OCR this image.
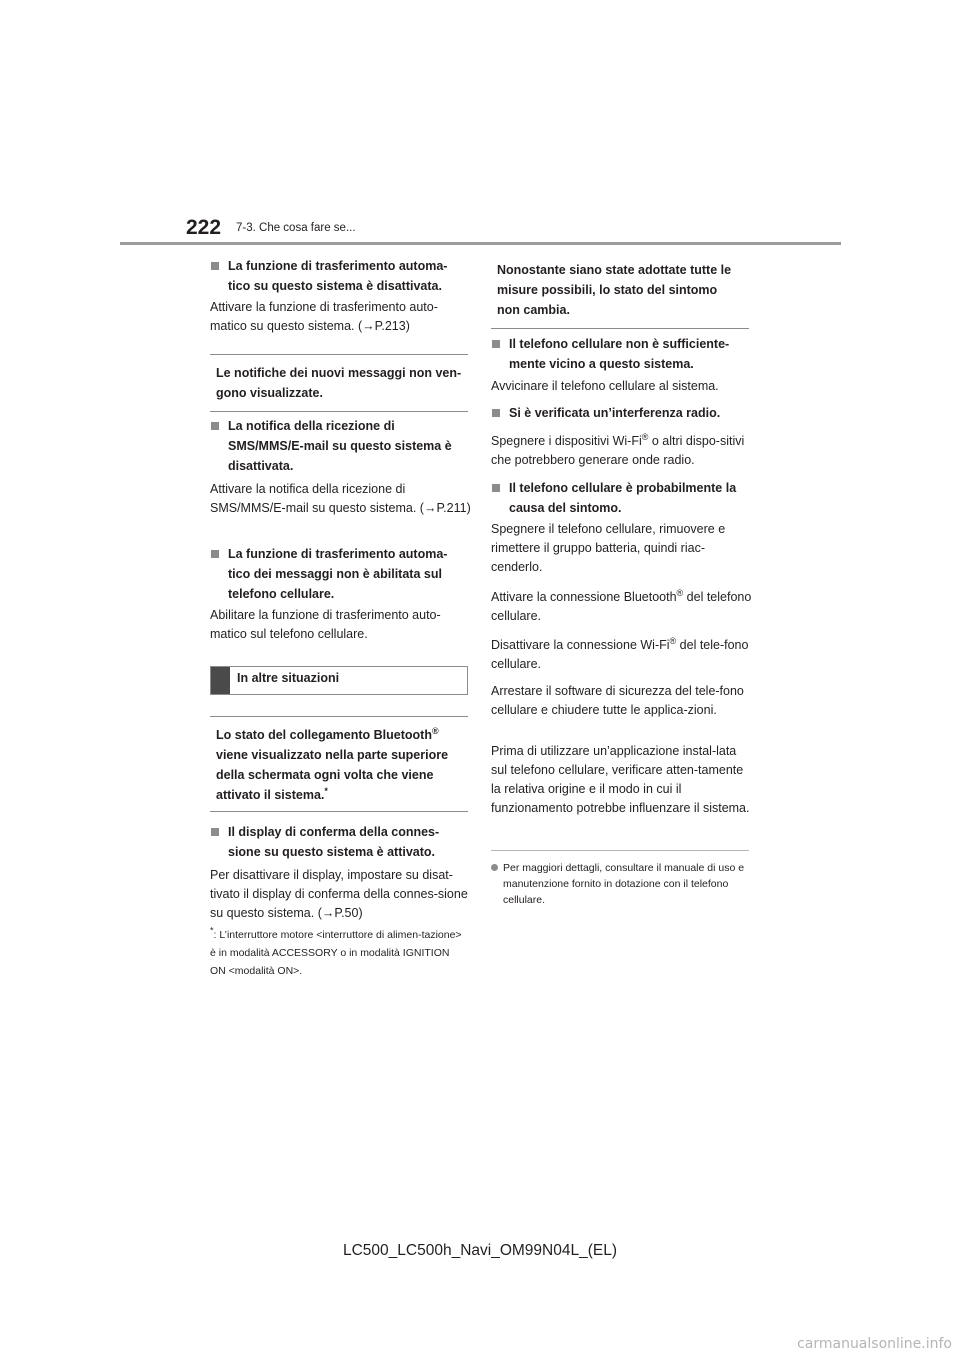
222 7-3. Che cosa fare se...
La funzione di trasferimento automa-tico su questo sistema è disattivata.
Attivare la funzione di trasferimento auto-matico su questo sistema. (→P.213)
Le notifiche dei nuovi messaggi non ven-gono visualizzate.
La notifica della ricezione di SMS/MMS/E-mail su questo sistema è disattivata.
Attivare la notifica della ricezione di SMS/MMS/E-mail su questo sistema. (→P.211)
La funzione di trasferimento automa-tico dei messaggi non è abilitata sul telefono cellulare.
Abilitare la funzione di trasferimento auto-matico sul telefono cellulare.
In altre situazioni
Lo stato del collegamento Bluetooth® viene visualizzato nella parte superiore della schermata ogni volta che viene attivato il sistema.*
Il display di conferma della connes-sione su questo sistema è attivato.
Per disattivare il display, impostare su disat-tivato il display di conferma della connes-sione su questo sistema. (→P.50)
*: L’interruttore motore <interruttore di alimen-tazione> è in modalità ACCESSORY o in modalità IGNITION ON <modalità ON>.
Nonostante siano state adottate tutte le misure possibili, lo stato del sintomo non cambia.
Il telefono cellulare non è sufficiente-mente vicino a questo sistema.
Avvicinare il telefono cellulare al sistema.
Si è verificata un’interferenza radio.
Spegnere i dispositivi Wi-Fi® o altri dispo-sitivi che potrebbero generare onde radio.
Il telefono cellulare è probabilmente la causa del sintomo.
Spegnere il telefono cellulare, rimuovere e rimettere il gruppo batteria, quindi riac-cenderlo.
Attivare la connessione Bluetooth® del telefono cellulare.
Disattivare la connessione Wi-Fi® del tele-fono cellulare.
Arrestare il software di sicurezza del tele-fono cellulare e chiudere tutte le applica-zioni.
Prima di utilizzare un’applicazione instal-lata sul telefono cellulare, verificare atten-tamente la relativa origine e il modo in cui il funzionamento potrebbe influenzare il sistema.
Per maggiori dettagli, consultare il manuale di uso e manutenzione fornito in dotazione con il telefono cellulare.
LC500_LC500h_Navi_OM99N04L_(EL)
carmanualsonline.info
